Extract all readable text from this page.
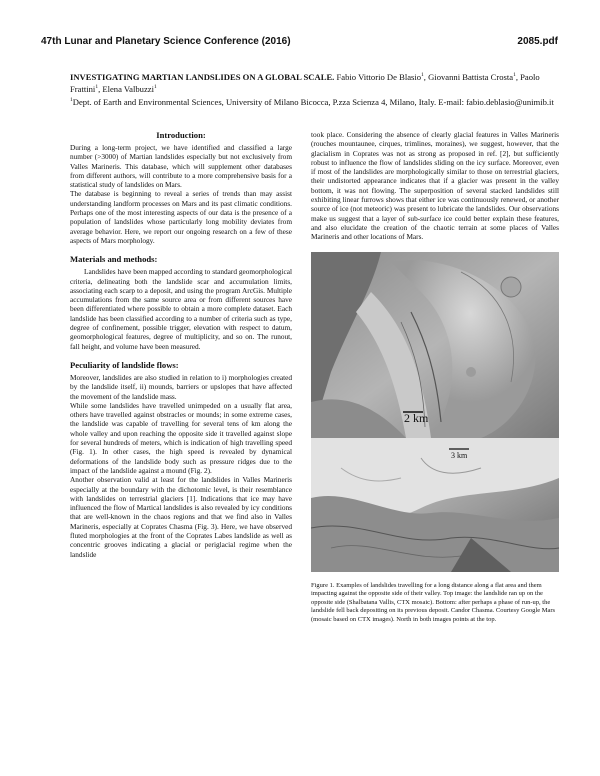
47th Lunar and Planetary Science Conference (2016)	2085.pdf
INVESTIGATING MARTIAN LANDSLIDES ON A GLOBAL SCALE. Fabio Vittorio De Blasio$^1$, Giovanni Battista Crosta$^1$, Paolo Frattini$^1$, Elena Valbuzzi$^1$
$^1$Dept. of Earth and Environmental Sciences, University of Milano Bicocca, P.zza Scienza 4, Milano, Italy. E-mail: fabio.deblasio@unimib.it
Introduction:

During a long-term project, we have identified and classified a large number (>3000) of Martian landslides especially but not exclusively from Valles Marineris. This database, which will supplement other databases from different authors, will contribute to a more comprehensive basis for a statistical study of landslides on Mars.

The database is beginning to reveal a series of trends than may assist understanding landform processes on Mars and its past climatic conditions. Perhaps one of the most interesting aspects of our data is the presence of a population of landslides whose particularly long mobility deviates from average behavior. Here, we report our ongoing research on a few of these aspects of Mars morphology.

Materials and methods:

Landslides have been mapped according to standard geomorphological criteria, delineating both the landslide scar and accumulation limits, associating each scarp to a deposit, and using the program ArcGis. Multiple accumulations from the same source area or from different sources have been differentiated where possible to obtain a more complete dataset. Each landslide has been classified according to a number of criteria such as type, degree of confinement, possible trigger, elevation with respect to datum, geomorphological features, degree of multiplicity, and so on. The runout, fall height, and volume have been measured.

Peculiarity of landslide flows:

Moreover, landslides are also studied in relation to i) morphologies created by the landslide itself, ii) mounds, barriers or upslopes that have affected the movement of the landslide mass.

While some landslides have travelled unimpeded on a usually flat area, others have travelled against obstracles or mounds; in some extreme cases, the landslide was capable of travelling for several tens of km along the whole valley and upon reaching the opposite side it travelled against slope for several hundreds of meters, which is indication of high travelling speed (Fig. 1). In other cases, the high speed is revealed by dynamical deformations of the landslide body such as pressure ridges due to the impact of the landslide against a mound (Fig. 2).

Another observation valid at least for the landslides in Valles Marineris especially at the boundary with the dichotomic level, is their resemblance with landslides on terrestrial glaciers [1]. Indications that ice may have influenced the flow of Martical landslides is also revealed by icy conditions that are well-known in the chaos regions and that we find also in Valles Marineris, especially at Coprates Chasma (Fig. 3). Here, we have observed fluted morphologies at the front of the Coprates Labes landslide as well as concentric grooves indicating a glacial or periglacial regime when the landslide

took place. Considering the absence of clearly glacial features in Valles Marineris (rouches mountaunee, cirques, trimlines, moraines), we suggest, however, that the glacialism in Coprates was not as strong as proposed in ref. [2], but sufficiently robust to influence the flow of landslides sliding on the icy surface. Moreover, even if most of the landslides are morphologically similar to those on terrestrial glaciers, their undistorted appearance indicates that if a glacier was present in the valley bottom, it was not flowing. The superposition of several stacked landslides still exhibiting linear furrows shows that either ice was continuously renewed, or another source of ice (not meteoric) was present to lubricate the landslides. Our observations make us suggest that a layer of sub-surface ice could better explain these features, and also elucidate the creation of the chaotic terrain at some places of Valles Marineris and other locations of Mars.

2 km
3 km
Figure 1. Examples of landslides travelling for a long distance along a flat area and them impacting against the opposite side of their valley. Top image: the landslide ran up on the opposite side (Shalbatana Vallis, CTX mosaic). Bottom: after perhaps a phase of run-up, the landslide fell back depositing on its previous deposit. Candor Chasma. Courtesy Google Mars (mosaic based on CTX images). North in both images points at the top.
